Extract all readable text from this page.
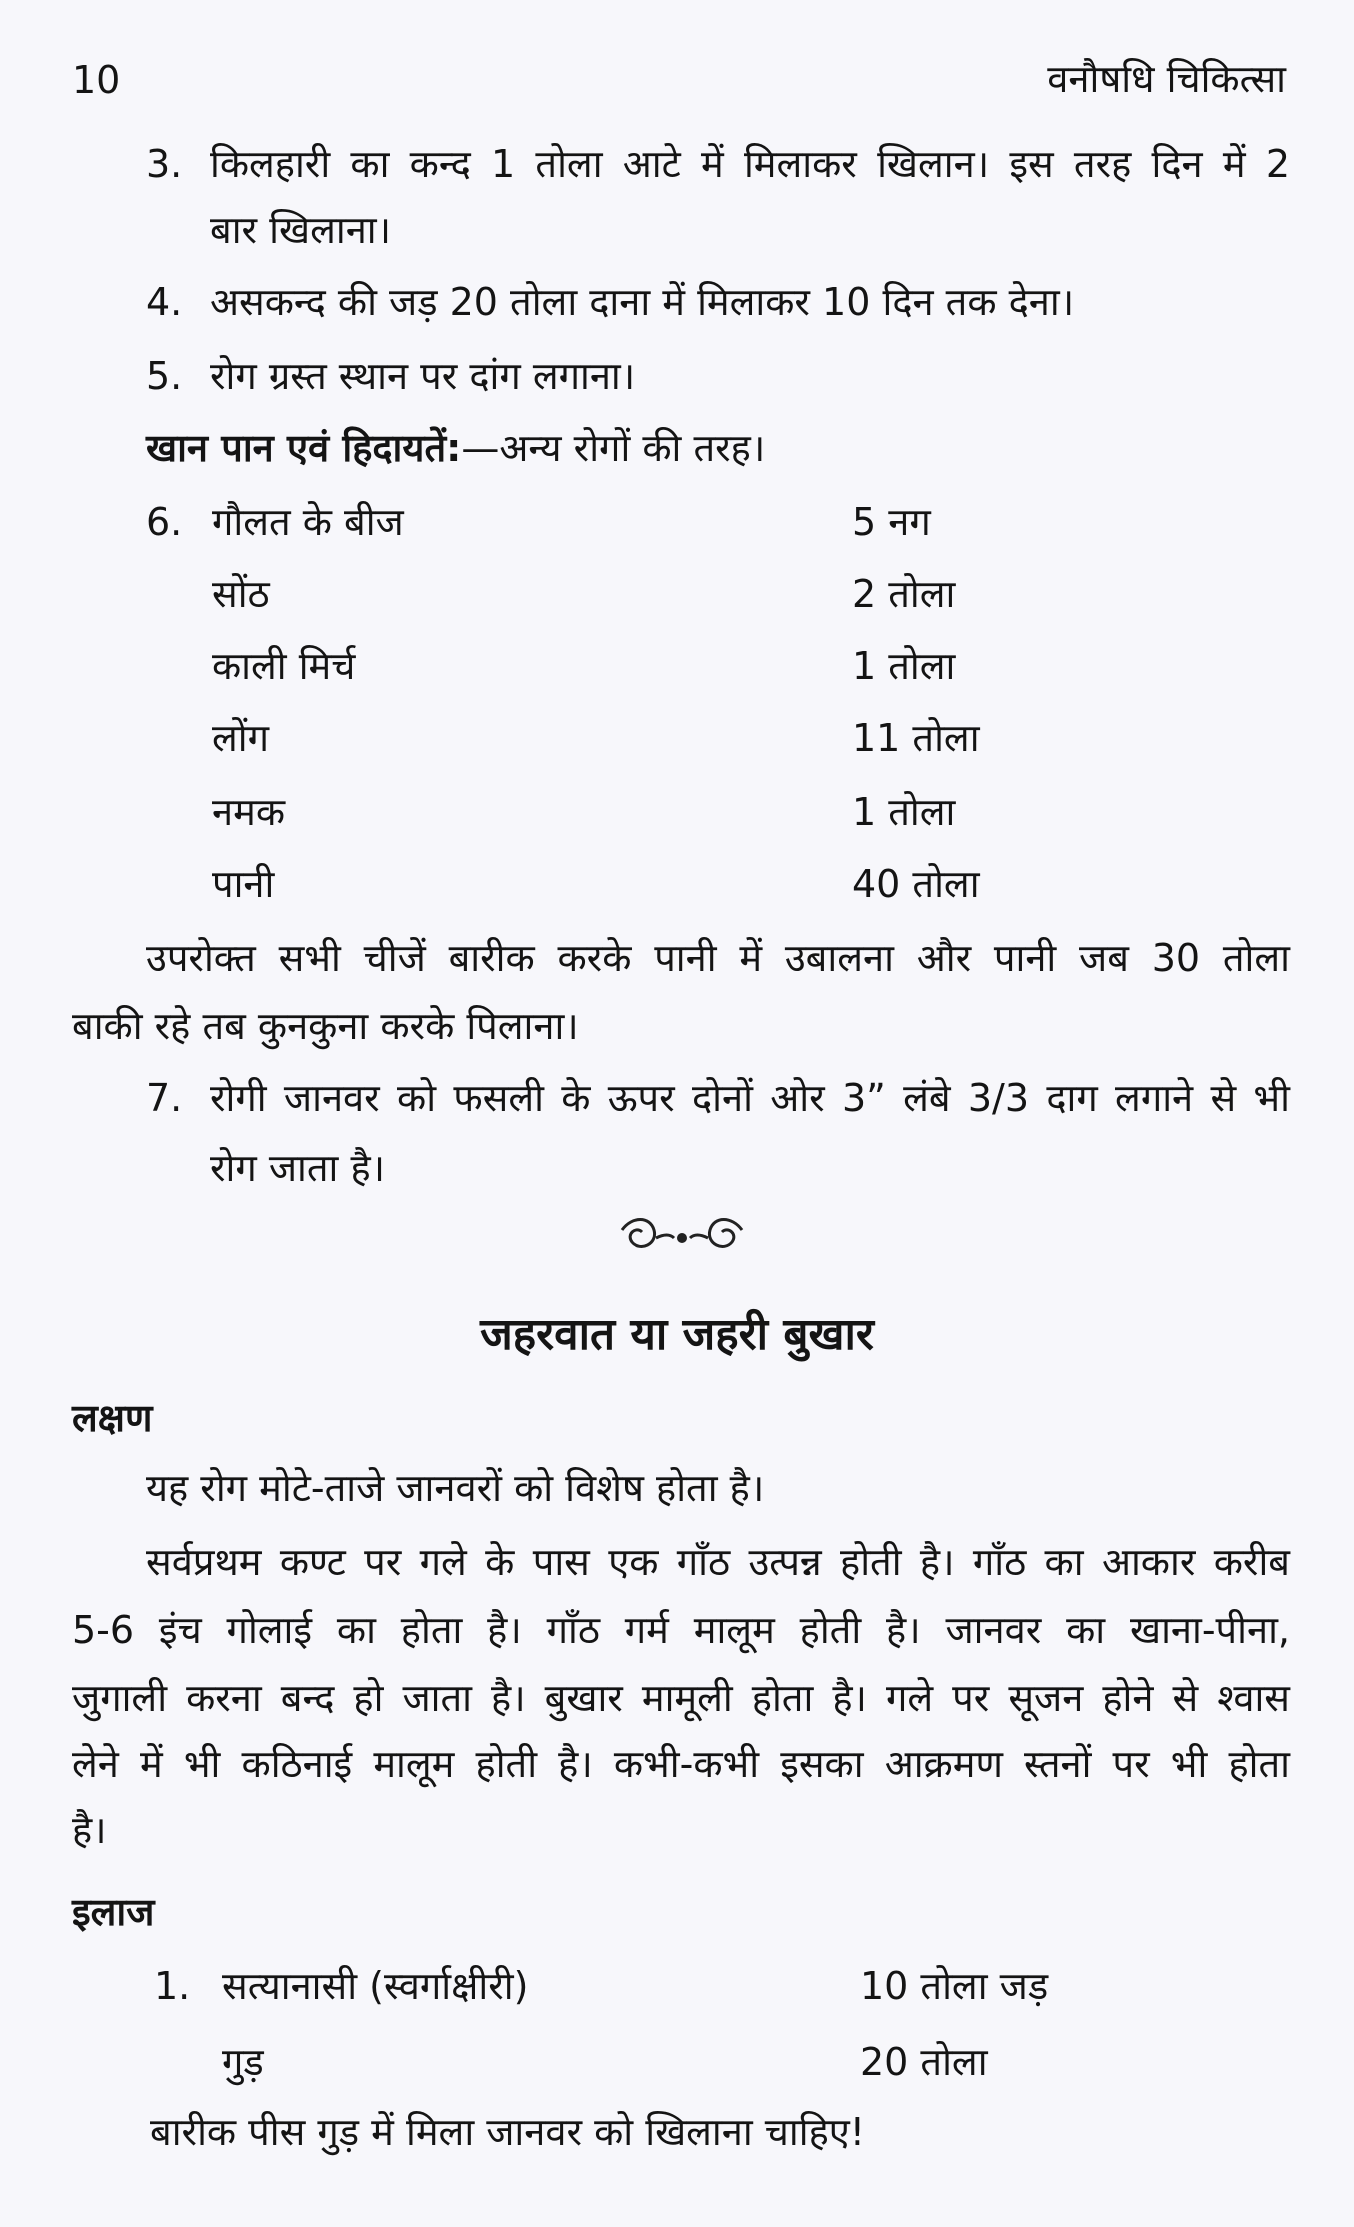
10	वनौषधि चिकित्सा
3. किलहारी का कन्द 1 तोला आटे में मिलाकर खिलान। इस तरह दिन में 2
बार खिलाना।
4. असकन्द की जड़ 20 तोला दाना में मिलाकर 10 दिन तक देना।
5. रोग ग्रस्त स्थान पर दांग लगाना।
खान पान एवं हिदायतें:—अन्य रोगों की तरह।
6. गौलत के बीज	5 नग
सोंठ	2 तोला
काली मिर्च	1 तोला
लोंग	11 तोला
नमक	1 तोला
पानी	40 तोला
उपरोक्त सभी चीजें बारीक करके पानी में उबालना और पानी जब 30 तोला
बाकी रहे तब कुनकुना करके पिलाना।
7. रोगी जानवर को फसली के ऊपर दोनों ओर 3” लंबे 3/3 दाग लगाने से भी
रोग जाता है।
जहरवात या जहरी बुखार
लक्षण
यह रोग मोटे-ताजे जानवरों को विशेष होता है।
सर्वप्रथम कण्ट पर गले के पास एक गाँठ उत्पन्न होती है। गाँठ का आकार करीब
5-6 इंच गोलाई का होता है। गाँठ गर्म मालूम होती है। जानवर का खाना-पीना,
जुगाली करना बन्द हो जाता है। बुखार मामूली होता है। गले पर सूजन होने से श्वास
लेने में भी कठिनाई मालूम होती है। कभी-कभी इसका आक्रमण स्तनों पर भी होता
है।
इलाज
1. सत्यानासी (स्वर्गाक्षीरी)	10 तोला जड़
गुड़	20 तोला
बारीक पीस गुड़ में मिला जानवर को खिलाना चाहिए!
